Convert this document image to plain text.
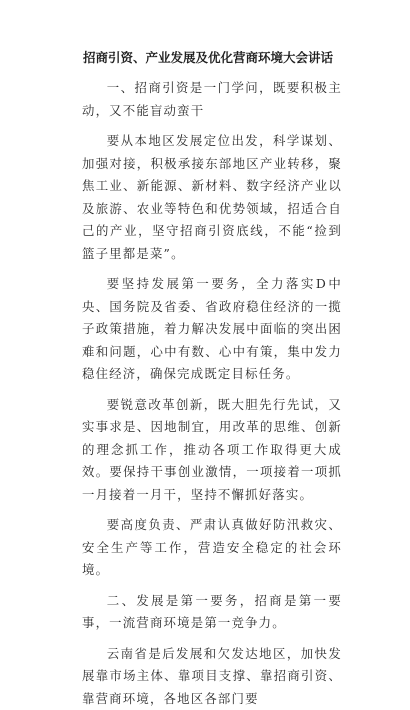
招商引资、产业发展及优化营商环境大会讲话

一、招商引资是一门学问，既要积极主动，又不能盲动蛮干

要从本地区发展定位出发，科学谋划、加强对接，积极承接东部地区产业转移，聚焦工业、新能源、新材料、数字经济产业以及旅游、农业等特色和优势领域，招适合自己的产业，坚守招商引资底线，不能“捡到篮子里都是菜”。

要坚持发展第一要务，全力落实D中央、国务院及省委、省政府稳住经济的一揽子政策措施，着力解决发展中面临的突出困难和问题，心中有数、心中有策，集中发力稳住经济，确保完成既定目标任务。

要锐意改革创新，既大胆先行先试，又实事求是、因地制宜，用改革的思维、创新的理念抓工作，推动各项工作取得更大成效。要保持干事创业激情，一项接着一项抓一月接着一月干，坚持不懈抓好落实。

要高度负责、严肃认真做好防汛救灾、安全生产等工作，营造安全稳定的社会环境。

二、发展是第一要务，招商是第一要事，一流营商环境是第一竞争力。

云南省是后发展和欠发达地区，加快发展靠市场主体、靠项目支撑、靠招商引资、靠营商环境，各地区各部门要
